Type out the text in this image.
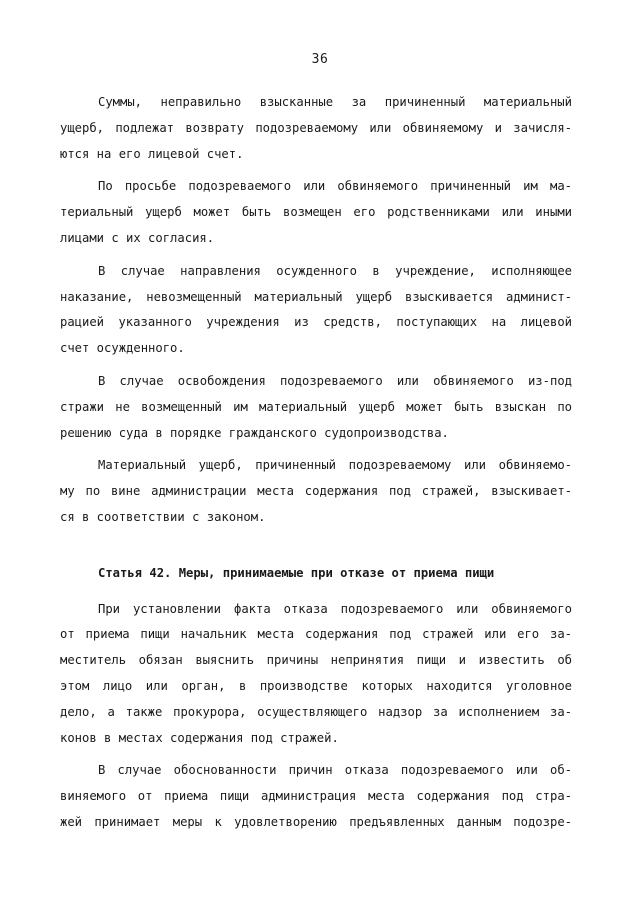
36

Суммы, неправильно взысканные за причиненный материальный
ущерб, подлежат возврату подозреваемому или обвиняемому и зачисля-
ются на его лицевой счет.

По просьбе подозреваемого или обвиняемого причиненный им ма-
териальный ущерб может быть возмещен его родственниками или иными
лицами с их согласия.

В случае направления осужденного в учреждение, исполняющее
наказание, невозмещенный материальный ущерб взыскивается админист-
рацией указанного учреждения из средств, поступающих на лицевой
счет осужденного.

В случае освобождения подозреваемого или обвиняемого из-под
стражи не возмещенный им материальный ущерб может быть взыскан по
решению суда в порядке гражданского судопроизводства.

Материальный ущерб, причиненный подозреваемому или обвиняемо-
му по вине администрации места содержания под стражей, взыскивает-
ся в соответствии с законом.

Статья 42. Меры, принимаемые при отказе от приема пищи

При установлении факта отказа подозреваемого или обвиняемого
от приема пищи начальник места содержания под стражей или его за-
меститель обязан выяснить причины непринятия пищи и известить об
этом лицо или орган, в производстве которых находится уголовное
дело, а также прокурора, осуществляющего надзор за исполнением за-
конов в местах содержания под стражей.

В случае обоснованности причин отказа подозреваемого или об-
виняемого от приема пищи администрация места содержания под стра-
жей принимает меры к удовлетворению предъявленных данным подозре-
